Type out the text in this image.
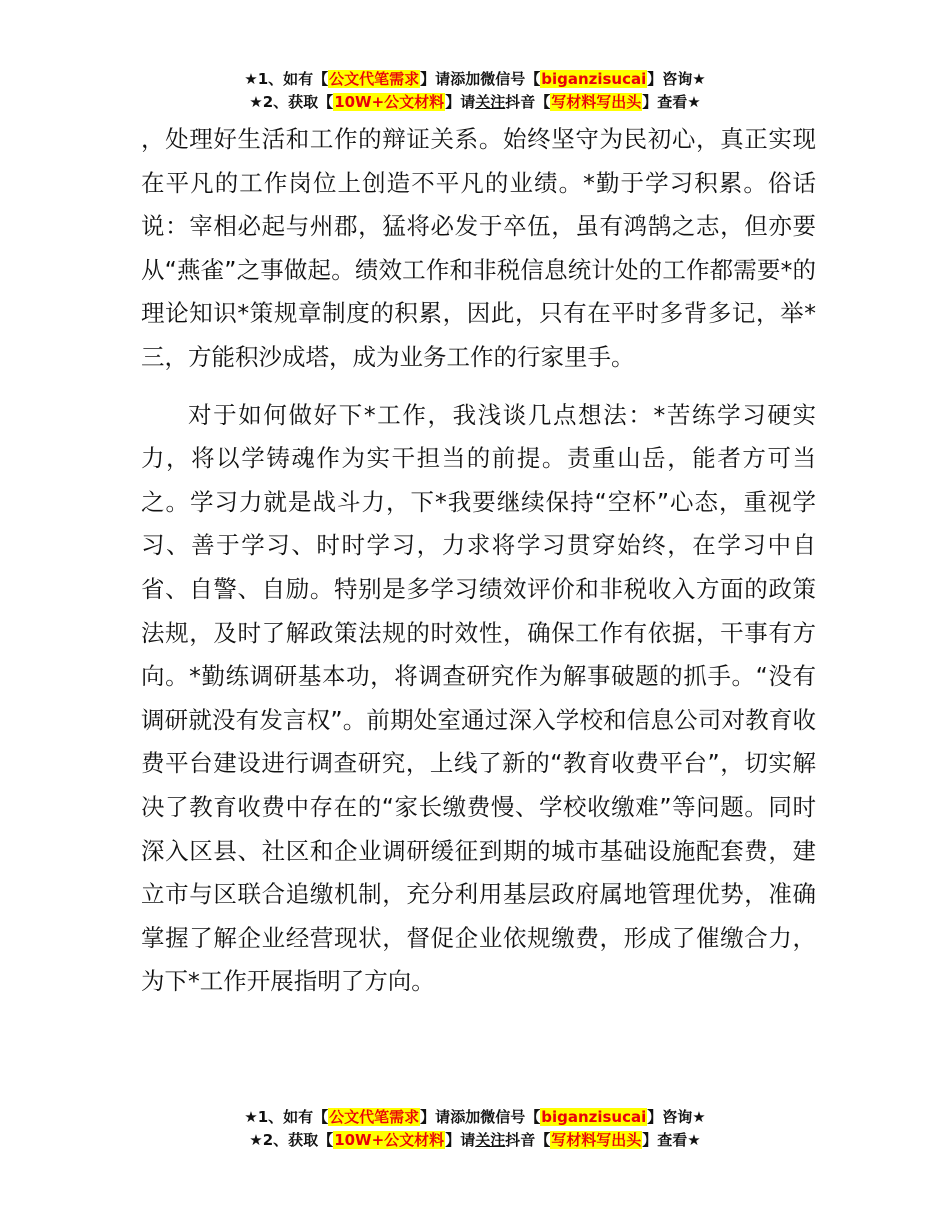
★1、如有【公文代笔需求】请添加微信号【biganzisucai】咨询★
★2、获取【10W+公文材料】请关注抖音【写材料写出头】查看★

，处理好生活和工作的辩证关系。始终坚守为民初心，真正实现在平凡的工作岗位上创造不平凡的业绩。*勤于学习积累。俗话说：宰相必起与州郡，猛将必发于卒伍，虽有鸿鹄之志，但亦要从“燕雀”之事做起。绩效工作和非税信息统计处的工作都需要*的理论知识*策规章制度的积累，因此，只有在平时多背多记，举*三，方能积沙成塔，成为业务工作的行家里手。

对于如何做好下*工作，我浅谈几点想法：*苦练学习硬实力，将以学铸魂作为实干担当的前提。责重山岳，能者方可当之。学习力就是战斗力，下*我要继续保持“空杯”心态，重视学习、善于学习、时时学习，力求将学习贯穿始终，在学习中自省、自警、自励。特别是多学习绩效评价和非税收入方面的政策法规，及时了解政策法规的时效性，确保工作有依据，干事有方向。*勤练调研基本功，将调查研究作为解事破题的抓手。“没有调研就没有发言权”。前期处室通过深入学校和信息公司对教育收费平台建设进行调查研究，上线了新的“教育收费平台”，切实解决了教育收费中存在的“家长缴费慢、学校收缴难”等问题。同时深入区县、社区和企业调研缓征到期的城市基础设施配套费，建立市与区联合追缴机制，充分利用基层政府属地管理优势，准确掌握了解企业经营现状，督促企业依规缴费，形成了催缴合力，为下*工作开展指明了方向。

★1、如有【公文代笔需求】请添加微信号【biganzisucai】咨询★
★2、获取【10W+公文材料】请关注抖音【写材料写出头】查看★
